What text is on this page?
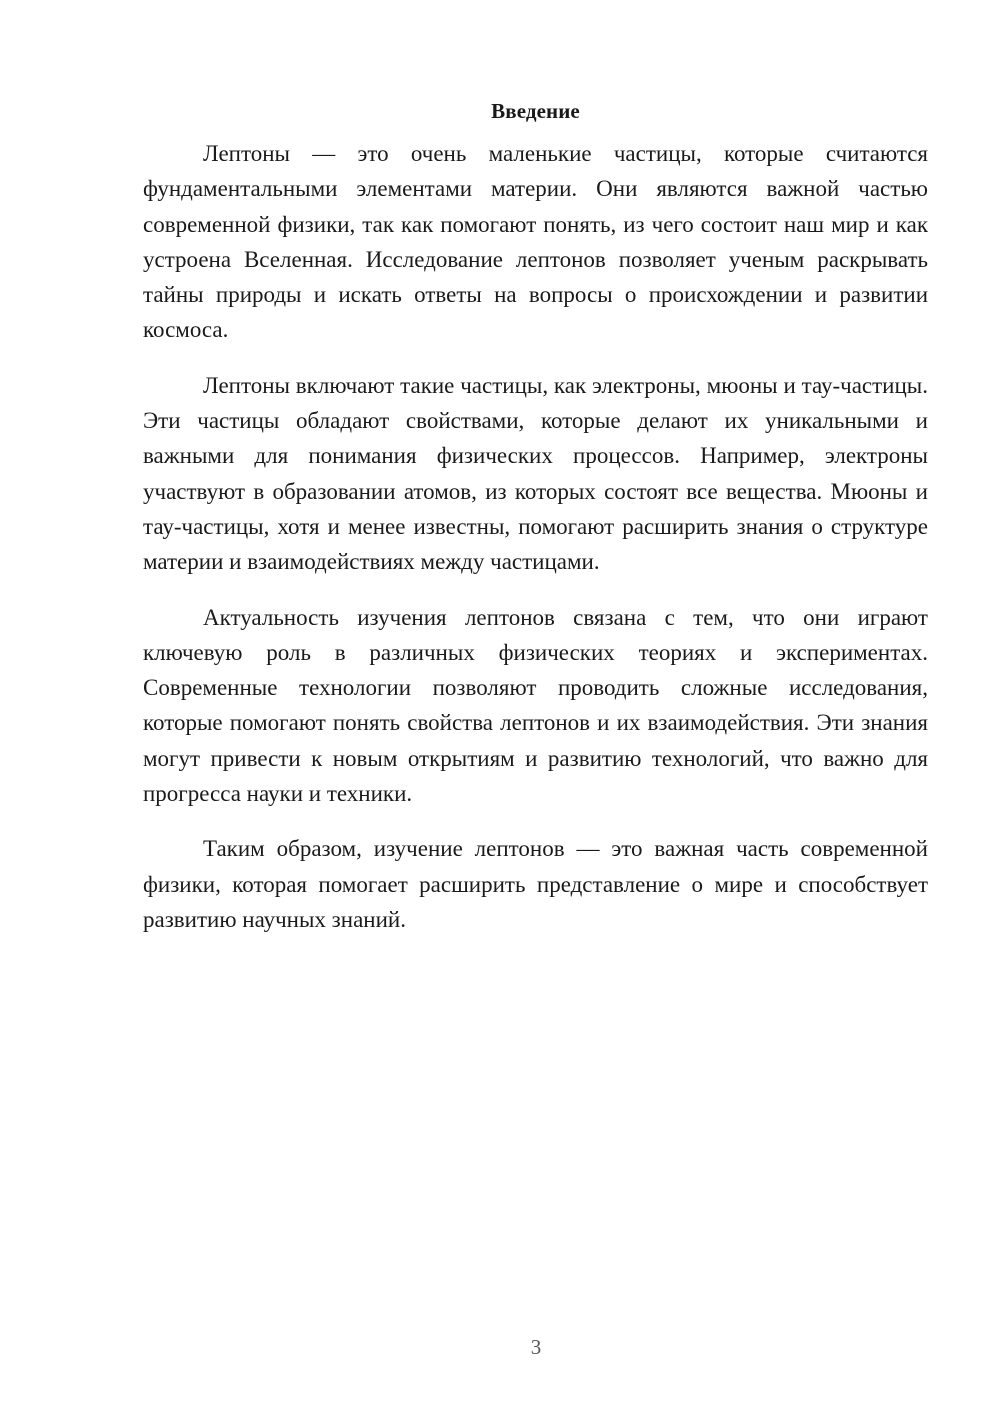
Введение

Лептоны — это очень маленькие частицы, которые считаются фундаментальными элементами материи. Они являются важной частью современной физики, так как помогают понять, из чего состоит наш мир и как устроена Вселенная. Исследование лептонов позволяет ученым раскрывать тайны природы и искать ответы на вопросы о происхождении и развитии космоса.

Лептоны включают такие частицы, как электроны, мюоны и тау-частицы. Эти частицы обладают свойствами, которые делают их уникальными и важными для понимания физических процессов. Например, электроны участвуют в образовании атомов, из которых состоят все вещества. Мюоны и тау-частицы, хотя и менее известны, помогают расширить знания о структуре материи и взаимодействиях между частицами.

Актуальность изучения лептонов связана с тем, что они играют ключевую роль в различных физических теориях и экспериментах. Современные технологии позволяют проводить сложные исследования, которые помогают понять свойства лептонов и их взаимодействия. Эти знания могут привести к новым открытиям и развитию технологий, что важно для прогресса науки и техники.

Таким образом, изучение лептонов — это важная часть современной физики, которая помогает расширить представление о мире и способствует развитию научных знаний.

3
